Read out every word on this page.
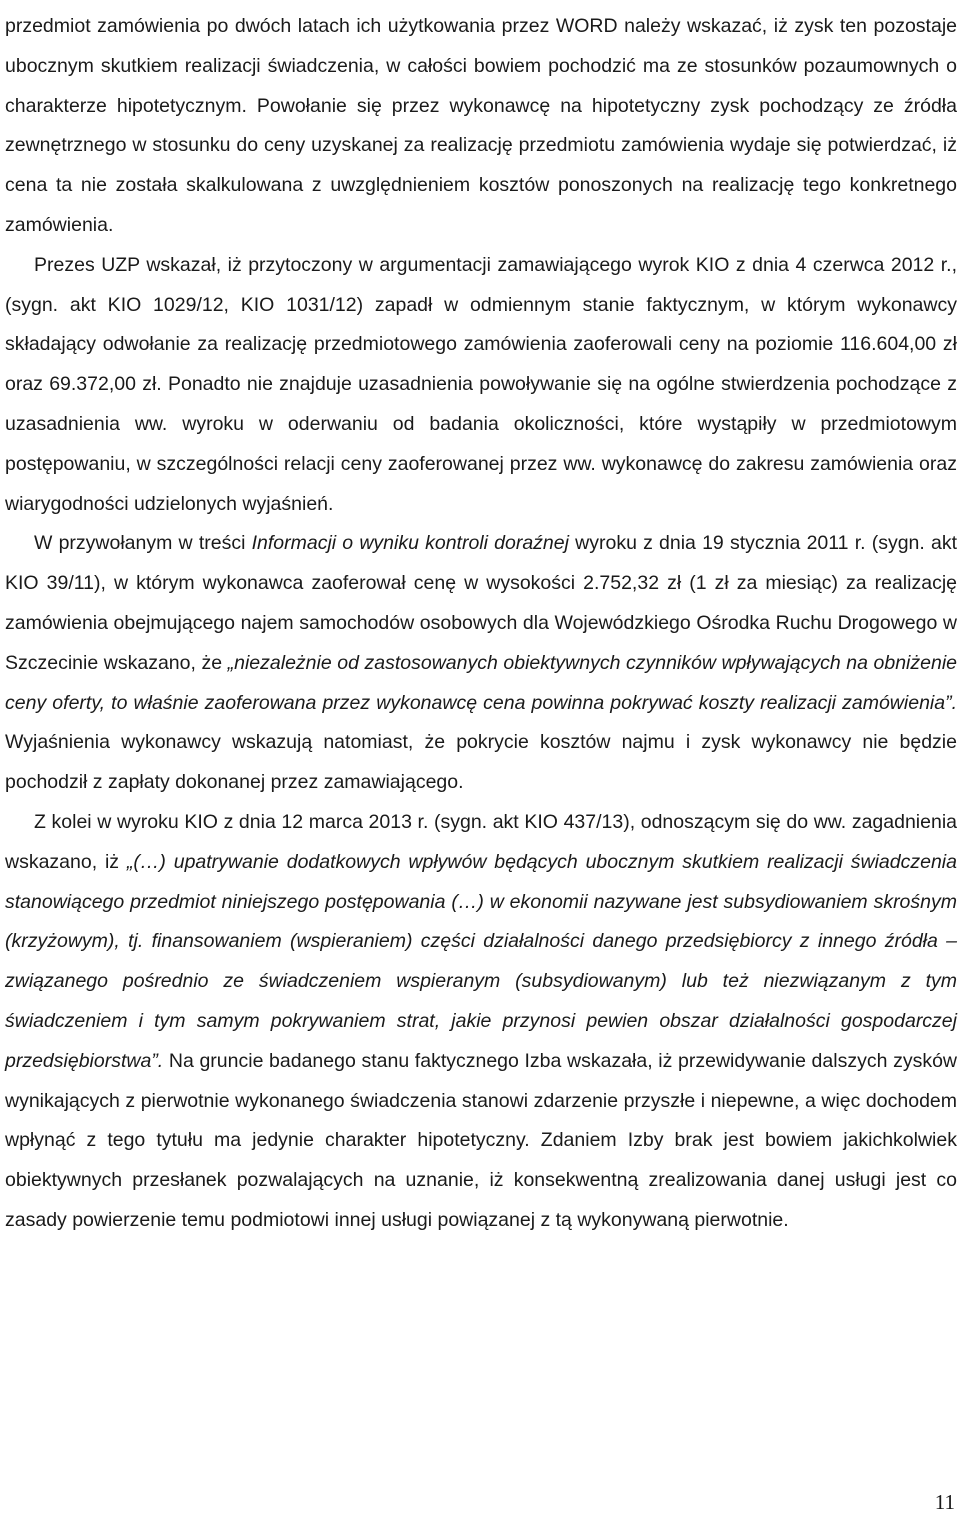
przedmiot zamówienia po dwóch latach ich użytkowania przez WORD należy wskazać, iż zysk ten pozostaje ubocznym skutkiem realizacji świadczenia, w całości bowiem pochodzić ma ze stosunków pozaumownych o charakterze hipotetycznym. Powołanie się przez wykonawcę na hipotetyczny zysk pochodzący ze źródła zewnętrznego w stosunku do ceny uzyskanej za realizację przedmiotu zamówienia wydaje się potwierdzać, iż cena ta nie została skalkulowana z uwzględnieniem kosztów ponoszonych na realizację tego konkretnego zamówienia.

Prezes UZP wskazał, iż przytoczony w argumentacji zamawiającego wyrok KIO z dnia 4 czerwca 2012 r., (sygn. akt KIO 1029/12, KIO 1031/12) zapadł w odmiennym stanie faktycznym, w którym wykonawcy składający odwołanie za realizację przedmiotowego zamówienia zaoferowali ceny na poziomie 116.604,00 zł oraz 69.372,00 zł. Ponadto nie znajduje uzasadnienia powoływanie się na ogólne stwierdzenia pochodzące z uzasadnienia ww. wyroku w oderwaniu od badania okoliczności, które wystąpiły w przedmiotowym postępowaniu, w szczególności relacji ceny zaoferowanej przez ww. wykonawcę do zakresu zamówienia oraz wiarygodności udzielonych wyjaśnień.

W przywołanym w treści Informacji o wyniku kontroli doraźnej wyroku z dnia 19 stycznia 2011 r. (sygn. akt KIO 39/11), w którym wykonawca zaoferował cenę w wysokości 2.752,32 zł (1 zł za miesiąc) za realizację zamówienia obejmującego najem samochodów osobowych dla Wojewódzkiego Ośrodka Ruchu Drogowego w Szczecinie wskazano, że „niezależnie od zastosowanych obiektywnych czynników wpływających na obniżenie ceny oferty, to właśnie zaoferowana przez wykonawcę cena powinna pokrywać koszty realizacji zamówienia”. Wyjaśnienia wykonawcy wskazują natomiast, że pokrycie kosztów najmu i zysk wykonawcy nie będzie pochodził z zapłaty dokonanej przez zamawiającego.

Z kolei w wyroku KIO z dnia 12 marca 2013 r. (sygn. akt KIO 437/13), odnoszącym się do ww. zagadnienia wskazano, iż „(…) upatrywanie dodatkowych wpływów będących ubocznym skutkiem realizacji świadczenia stanowiącego przedmiot niniejszego postępowania (…) w ekonomii nazywane jest subsydiowaniem skrośnym (krzyżowym), tj. finansowaniem (wspieraniem) części działalności danego przedsiębiorcy z innego źródła – związanego pośrednio ze świadczeniem wspieranym (subsydiowanym) lub też niezwiązanym z tym świadczeniem i tym samym pokrywaniem strat, jakie przynosi pewien obszar działalności gospodarczej przedsiębiorstwa”. Na gruncie badanego stanu faktycznego Izba wskazała, iż przewidywanie dalszych zysków wynikających z pierwotnie wykonanego świadczenia stanowi zdarzenie przyszłe i niepewne, a więc dochodem wpłynąć z tego tytułu ma jedynie charakter hipotetyczny. Zdaniem Izby brak jest bowiem jakichkolwiek obiektywnych przesłanek pozwalających na uznanie, iż konsekwentną zrealizowania danej usługi jest co zasady powierzenie temu podmiotowi innej usługi powiązanej z tą wykonywaną pierwotnie.

11
